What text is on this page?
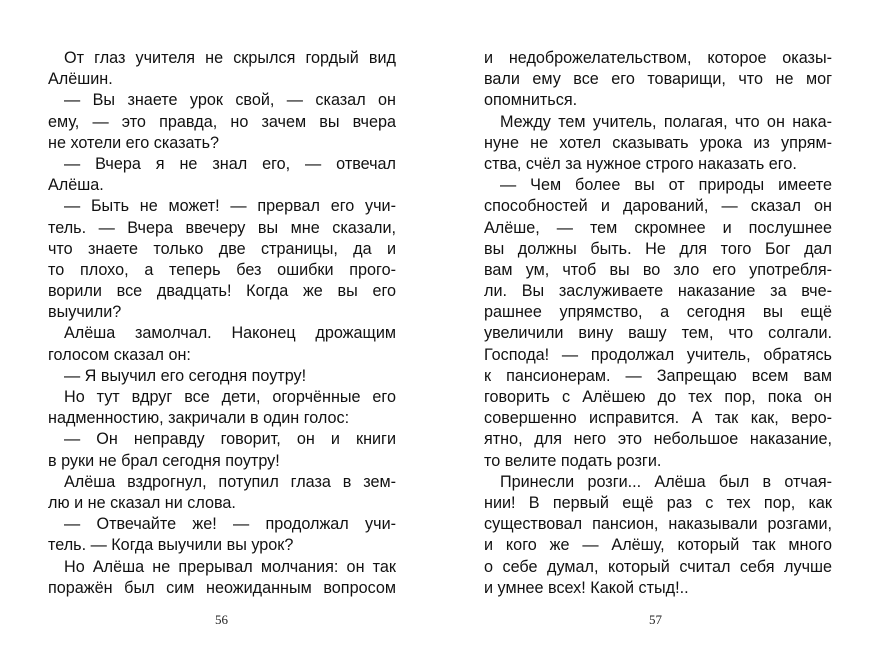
От глаз учителя не скрылся гордый вид
Алёшин.
— Вы знаете урок свой, — сказал он
ему, — это правда, но зачем вы вчера
не хотели его сказать?
— Вчера я не знал его, — отвечал
Алёша.
— Быть не может! — прервал его учи-
тель. — Вчера ввечеру вы мне сказали,
что знаете только две страницы, да и
то плохо, а теперь без ошибки прого-
ворили все двадцать! Когда же вы его
выучили?
Алёша замолчал. Наконец дрожащим
голосом сказал он:
— Я выучил его сегодня поутру!
Но тут вдруг все дети, огорчённые его
надменностию, закричали в один голос:
— Он неправду говорит, он и книги
в руки не брал сегодня поутру!
Алёша вздрогнул, потупил глаза в зем-
лю и не сказал ни слова.
— Отвечайте же! — продолжал учи-
тель. — Когда выучили вы урок?
Но Алёша не прерывал молчания: он так
поражён был сим неожиданным вопросом
и недоброжелательством, которое оказы-
вали ему все его товарищи, что не мог
опомниться.
Между тем учитель, полагая, что он нака-
нуне не хотел сказывать урока из упрям-
ства, счёл за нужное строго наказать его.
— Чем более вы от природы имеете
способностей и дарований, — сказал он
Алёше, — тем скромнее и послушнее
вы должны быть. Не для того Бог дал
вам ум, чтоб вы во зло его употребля-
ли. Вы заслуживаете наказание за вче-
рашнее упрямство, а сегодня вы ещё
увеличили вину вашу тем, что солгали.
Господа! — продолжал учитель, обратясь
к пансионерам. — Запрещаю всем вам
говорить с Алёшею до тех пор, пока он
совершенно исправится. А так как, веро-
ятно, для него это небольшое наказание,
то велите подать розги.
Принесли розги... Алёша был в отчая-
нии! В первый ещё раз с тех пор, как
существовал пансион, наказывали розгами,
и кого же — Алёшу, который так много
о себе думал, который считал себя лучше
и умнее всех! Какой стыд!..
56	57
